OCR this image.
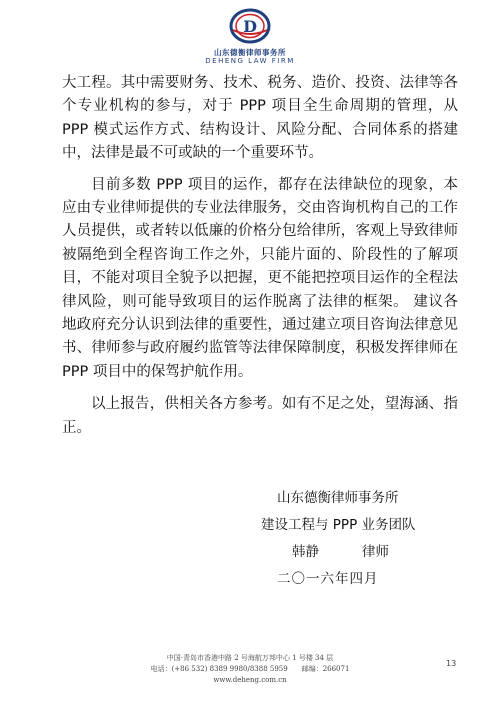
D
山东德衡律师事务所
DEHENG LAW FIRM

大工程。其中需要财务、技术、税务、造价、投资、法律等各个专业机构的参与，对于 PPP 项目全生命周期的管理，从 PPP 模式运作方式、结构设计、风险分配、合同体系的搭建中，法律是最不可或缺的一个重要环节。

目前多数 PPP 项目的运作，都存在法律缺位的现象，本应由专业律师提供的专业法律服务，交由咨询机构自己的工作人员提供，或者转以低廉的价格分包给律所，客观上导致律师被隔绝到全程咨询工作之外，只能片面的、阶段性的了解项目，不能对项目全貌予以把握，更不能把控项目运作的全程法律风险，则可能导致项目的运作脱离了法律的框架。 建议各地政府充分认识到法律的重要性，通过建立项目咨询法律意见书、律师参与政府履约监管等法律保障制度，积极发挥律师在 PPP 项目中的保驾护航作用。

以上报告，供相关各方参考。如有不足之处，望海涵、指正。

山东德衡律师事务所
建设工程与 PPP 业务团队
韩静	律师
二〇一六年四月
中国·青岛市香港中路 2 号海航万邦中心 1 号楼 34 层
电话：(+86 532) 8389 9980/8388 5959　　邮编：266071
www.deheng.com.cn
13
